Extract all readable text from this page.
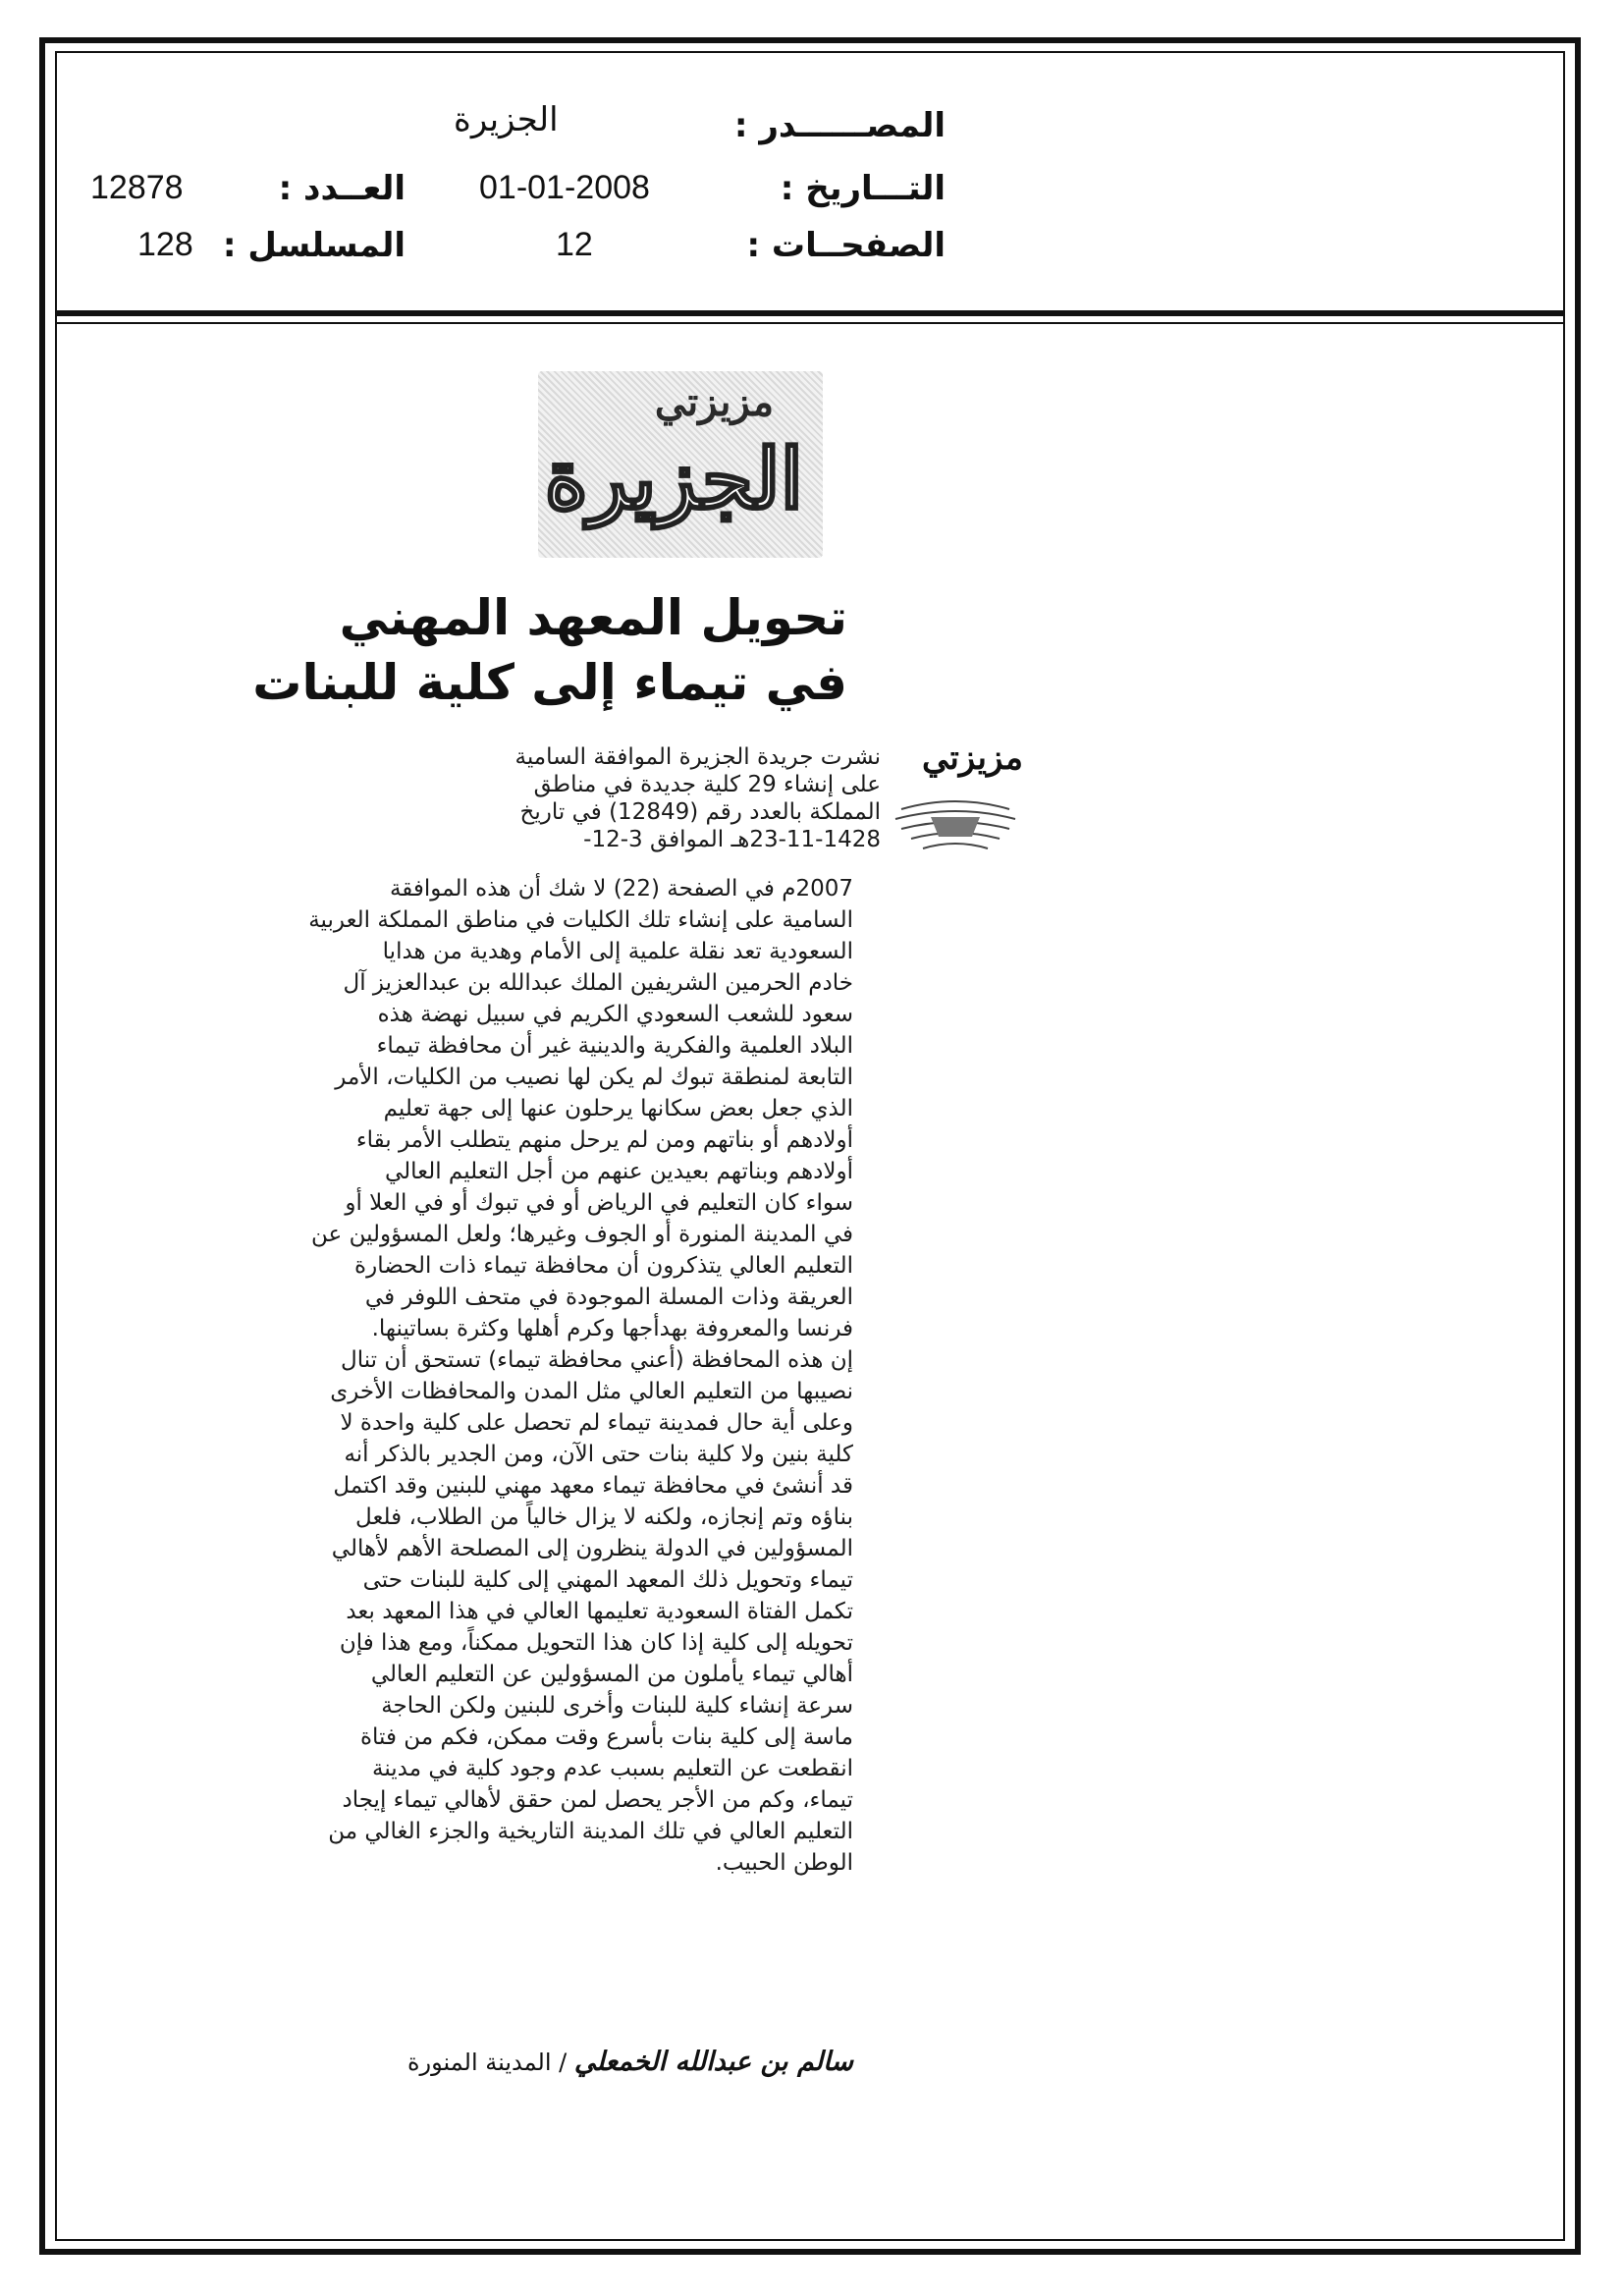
المصــــــدر :
الجزيرة
التـــاريخ :
01-01-2008
الصفحــات :
12
العــدد :
12878
المسلسل :
128
مزيزتي
الجزيرة
تحويل المعهد المهني
في تيماء إلى كلية للبنات
مزيزتي
نشرت جريدة الجزيرة الموافقة السامية
على إنشاء 29 كلية جديدة في مناطق
المملكة بالعدد رقم (12849) في تاريخ
23-11-1428هـ الموافق 3-12-
2007م في الصفحة (22) لا شك أن هذه الموافقة
السامية على إنشاء تلك الكليات في مناطق المملكة العربية
السعودية تعد نقلة علمية إلى الأمام وهدية من هدايا
خادم الحرمين الشريفين الملك عبدالله بن عبدالعزيز آل
سعود للشعب السعودي الكريم في سبيل نهضة هذه
البلاد العلمية والفكرية والدينية غير أن محافظة تيماء
التابعة لمنطقة تبوك لم يكن لها نصيب من الكليات، الأمر
الذي جعل بعض سكانها يرحلون عنها إلى جهة تعليم
أولادهم أو بناتهم ومن لم يرحل منهم يتطلب الأمر بقاء
أولادهم وبناتهم بعيدين عنهم من أجل التعليم العالي
سواء كان التعليم في الرياض أو في تبوك أو في العلا أو
في المدينة المنورة أو الجوف وغيرها؛ ولعل المسؤولين عن
التعليم العالي يتذكرون أن محافظة تيماء ذات الحضارة
العريقة وذات المسلة الموجودة في متحف اللوفر في
فرنسا والمعروفة بهدأجها وكرم أهلها وكثرة بساتينها.
إن هذه المحافظة (أعني محافظة تيماء) تستحق أن تنال
نصيبها من التعليم العالي مثل المدن والمحافظات الأخرى
وعلى أية حال فمدينة تيماء لم تحصل على كلية واحدة لا
كلية بنين ولا كلية بنات حتى الآن، ومن الجدير بالذكر أنه
قد أنشئ في محافظة تيماء معهد مهني للبنين وقد اكتمل
بناؤه وتم إنجازه، ولكنه لا يزال خالياً من الطلاب، فلعل
المسؤولين في الدولة ينظرون إلى المصلحة الأهم لأهالي
تيماء وتحويل ذلك المعهد المهني إلى كلية للبنات حتى
تكمل الفتاة السعودية تعليمها العالي في هذا المعهد بعد
تحويله إلى كلية إذا كان هذا التحويل ممكناً، ومع هذا فإن
أهالي تيماء يأملون من المسؤولين عن التعليم العالي
سرعة إنشاء كلية للبنات وأخرى للبنين ولكن الحاجة
ماسة إلى كلية بنات بأسرع وقت ممكن، فكم من فتاة
انقطعت عن التعليم بسبب عدم وجود كلية في مدينة
تيماء، وكم من الأجر يحصل لمن حقق لأهالي تيماء إيجاد
التعليم العالي في تلك المدينة التاريخية والجزء الغالي من
الوطن الحبيب.
سالم بن عبدالله الخمعلي / المدينة المنورة
